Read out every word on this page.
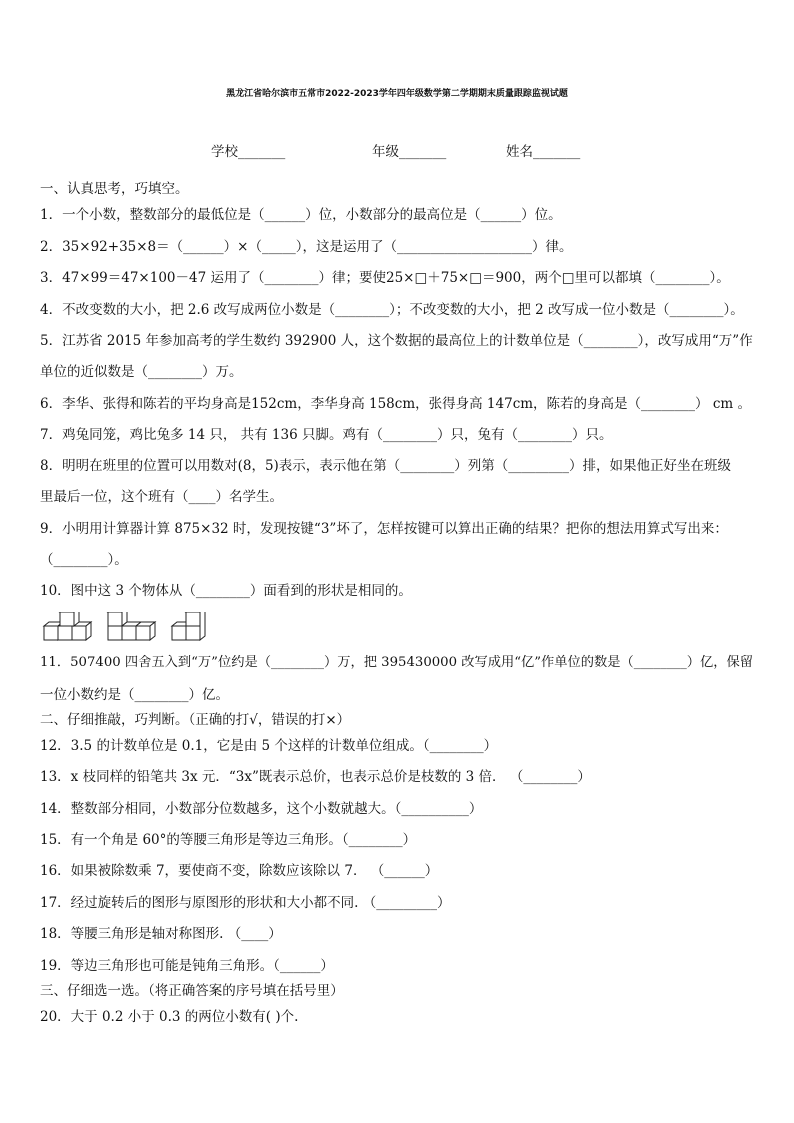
黑龙江省哈尔滨市五常市2022-2023学年四年级数学第二学期期末质量跟踪监视试题
学校_______	年级_______	姓名_______
一、认真思考，巧填空。
1．一个小数，整数部分的最低位是（______）位，小数部分的最高位是（______）位。
2．35×92+35×8＝（______）×（_____），这是运用了（____________________）律。
3．47×99＝47×100－47 运用了（________）律；要使25×□＋75×□＝900，两个□里可以都填（________）。
4．不改变数的大小，把 2.6 改写成两位小数是（________）；不改变数的大小，把 2 改写成一位小数是（________）。
5．江苏省 2015 年参加高考的学生数约 392900 人，这个数据的最高位上的计数单位是（________），改写成用“万”作
单位的近似数是（________）万。
6．李华、张得和陈若的平均身高是152cm，李华身高 158cm，张得身高 147cm，陈若的身高是（________） cm 。
7．鸡兔同笼，鸡比兔多 14 只， 共有 136 只脚。鸡有（________）只，兔有（________）只。
8．明明在班里的位置可以用数对(8，5)表示，表示他在第（________）列第（_________）排，如果他正好坐在班级
里最后一位，这个班有（____）名学生。
9．小明用计算器计算 875×32 时，发现按键“3”坏了，怎样按键可以算出正确的结果？把你的想法用算式写出来：
（________）。
10．图中这 3 个物体从（________）面看到的形状是相同的。
11．507400 四舍五入到“万”位约是（________）万，把 395430000 改写成用“亿”作单位的数是（________）亿，保留
一位小数约是（________）亿。
二、仔细推敲，巧判断。（正确的打√，错误的打×）
12．3.5 的计数单位是 0.1，它是由 5 个这样的计数单位组成。（________）
13．x 枝同样的铅笔共 3x 元．“3x”既表示总价，也表示总价是枝数的 3 倍． （________）
14．整数部分相同，小数部分位数越多，这个小数就越大。（__________）
15．有一个角是 60°的等腰三角形是等边三角形。（________）
16．如果被除数乘 7，要使商不变，除数应该除以 7． （______）
17．经过旋转后的图形与原图形的形状和大小都不同. （_________）
18．等腰三角形是轴对称图形. （____）
19．等边三角形也可能是钝角三角形。（______）
三、仔细选一选。（将正确答案的序号填在括号里）
20．大于 0.2 小于 0.3 的两位小数有( )个.
